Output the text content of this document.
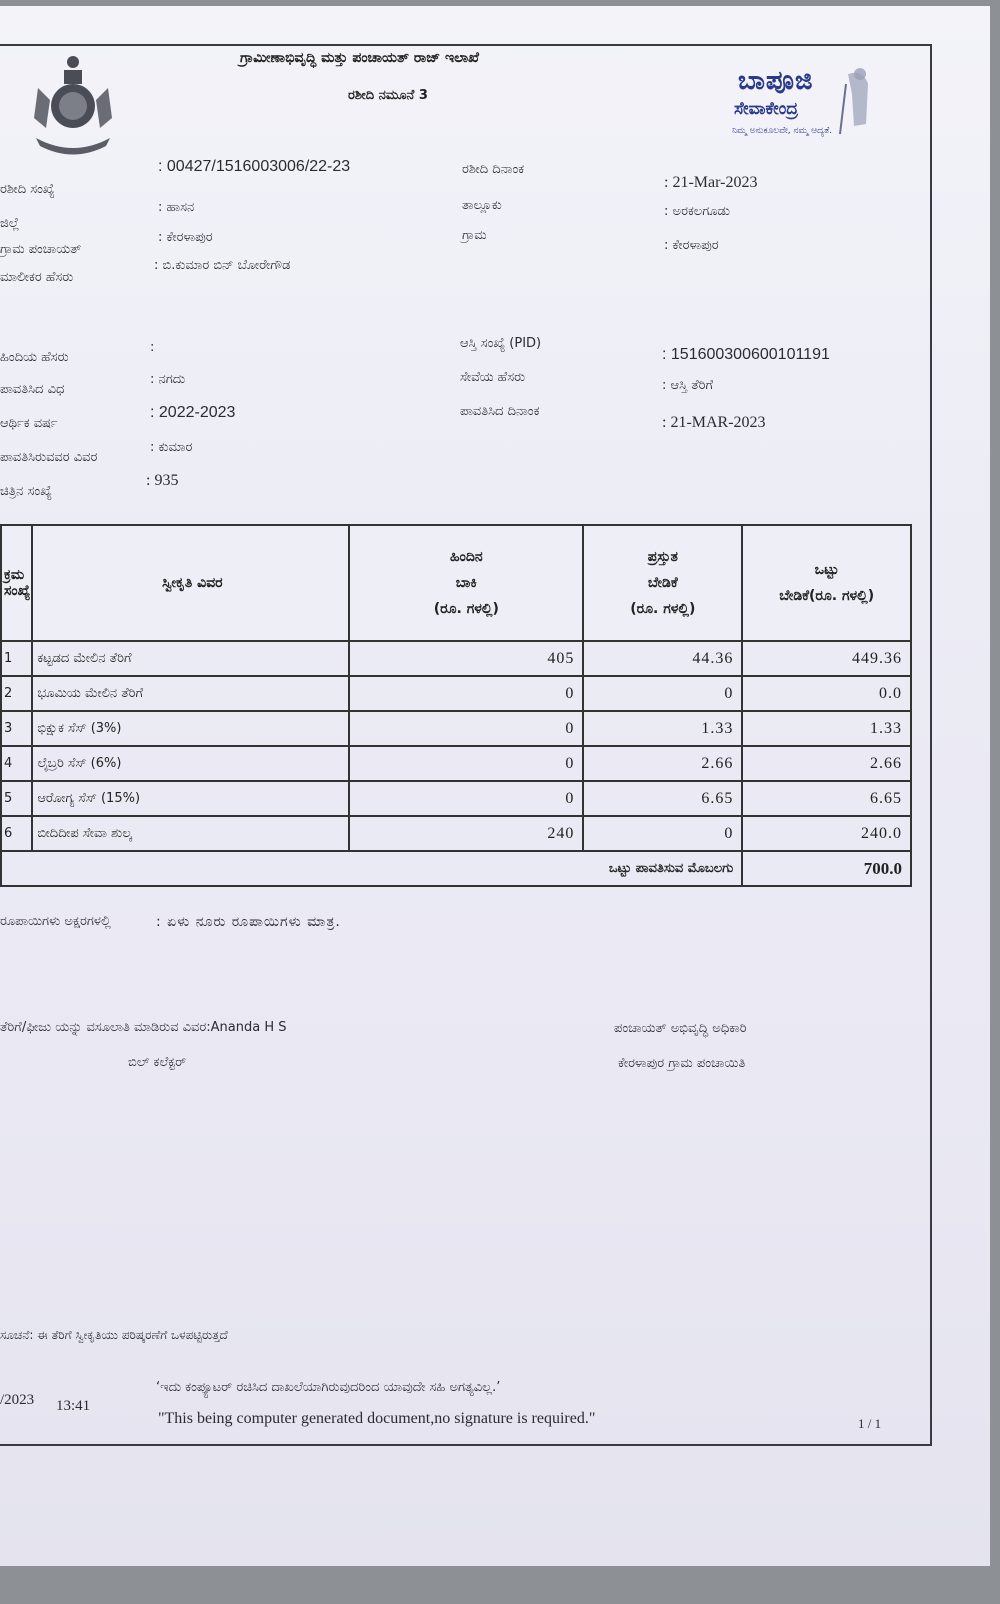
ಗ್ರಾಮೀಣಾಭಿವೃದ್ಧಿ ಮತ್ತು ಪಂಚಾಯತ್ ರಾಜ್ ಇಲಾಖೆ
ರಶೀದಿ ನಮೂನೆ 3	ಬಾಪೂಜಿ
ಸೇವಾಕೇಂದ್ರ
ನಿಮ್ಮ ಅನುಕೂಲವೇ, ನಮ್ಮ ಆದ್ಯತೆ.
ರಶೀದಿ ಸಂಖ್ಯೆ
: 00427/1516003006/22-23	ರಶೀದಿ ದಿನಾಂಕ
: 21-Mar-2023
ಜಿಲ್ಲೆ
: ಹಾಸನ	ತಾಲ್ಲೂಕು	: ಅರಕಲಗೂಡು
ಗ್ರಾಮ ಪಂಚಾಯತ್
: ಕೇರಳಾಪುರ	ಗ್ರಾಮ
: ಕೇರಳಾಪುರ
ಮಾಲೀಕರ ಹೆಸರು
: ಬಿ.ಕುಮಾರ ಬಿನ್ ಬೋರೇಗೌಡ
ಹಿಂದಿಯ ಹೆಸರು
:	ಆಸ್ತಿ ಸಂಖ್ಯೆ (PID)
: 151600300600101191
ಪಾವತಿಸಿದ ವಿಧ
: ನಗದು	ಸೇವೆಯ ಹೆಸರು
: ಆಸ್ತಿ ತೆರಿಗೆ
ಆರ್ಥಿಕ ವರ್ಷ
: 2022-2023	ಪಾವತಿಸಿದ ದಿನಾಂಕ
: 21-MAR-2023
ಪಾವತಿಸಿರುವವರ ವಿವರ
: ಕುಮಾರ
ಚಿತ್ರಿನ ಸಂಖ್ಯೆ
: 935
ಕ್ರಮ ಸಂಖ್ಯೆ	ಸ್ವೀಕೃತಿ ವಿವರ	ಹಿಂದಿನ
ಬಾಕಿ
(ರೂ. ಗಳಲ್ಲಿ)	ಪ್ರಸ್ತುತ
ಬೇಡಿಕೆ
(ರೂ. ಗಳಲ್ಲಿ)	ಒಟ್ಟು
ಬೇಡಿಕೆ(ರೂ. ಗಳಲ್ಲಿ)

1	ಕಟ್ಟಡದ ಮೇಲಿನ ತೆರಿಗೆ	405	44.36	449.36
2	ಭೂಮಿಯ ಮೇಲಿನ ತೆರಿಗೆ	0	0	0.0
3	ಭಿಕ್ಷುಕ ಸೆಸ್ (3%)	0	1.33	1.33
4	ಲೈಬ್ರರಿ ಸೆಸ್ (6%)	0	2.66	2.66
5	ಆರೋಗ್ಯ ಸೆಸ್ (15%)	0	6.65	6.65
6	ಬೀದಿದೀಪ ಸೇವಾ ಶುಲ್ಕ	240	0	240.0
ಒಟ್ಟು ಪಾವತಿಸುವ ಮೊಬಲಗು				700.0
ರೂಪಾಯಿಗಳು ಅಕ್ಷರಗಳಲ್ಲಿ	: ಏಳು ನೂರು ರೂಪಾಯಿಗಳು ಮಾತ್ರ.
ತೆರಿಗೆ/ಫೀಜು ಯನ್ನು ವಸೂಲಾತಿ ಮಾಡಿರುವ ವಿವರ:Ananda H S
ಬಿಲ್ ಕಲೆಕ್ಟರ್
ಪಂಚಾಯತ್ ಅಭಿವೃದ್ಧಿ ಅಧಿಕಾರಿ
ಕೇರಳಾಪುರ ಗ್ರಾಮ ಪಂಚಾಯಿತಿ
ಸೂಚನೆ: ಈ ತೆರಿಗೆ ಸ್ವೀಕೃತಿಯು ಪರಿಷ್ಕರಣೆಗೆ ಒಳಪಟ್ಟಿರುತ್ತದೆ
‘ಇದು ಕಂಪ್ಯೂಟರ್ ರಚಿಸಿದ ದಾಖಲೆಯಾಗಿರುವುದರಿಂದ ಯಾವುದೇ ಸಹಿ ಅಗತ್ಯವಿಲ್ಲ.’
"This being computer generated document,no signature is required."
/2023 13:41
1 / 1
